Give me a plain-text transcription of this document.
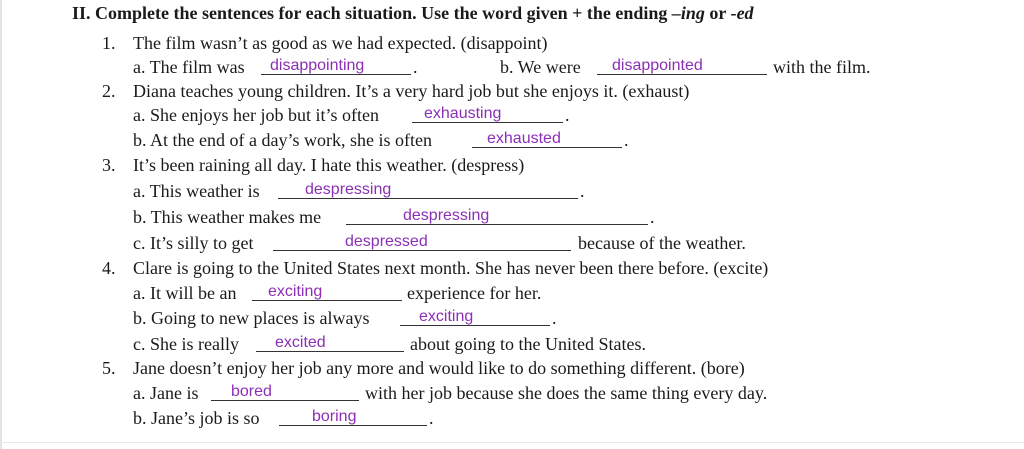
II. Complete the sentences for each situation. Use the word given + the ending –ing or -ed
1. The film wasn’t as good as we had expected. (disappoint)
a. The film was disappointing	.	b. We were disappointed	with the film.
2. Diana teaches young children. It’s a very hard job but she enjoys it. (exhaust)
a. She enjoys her job but it’s often	exhausting	.
b. At the end of a day’s work, she is often	exhausted	.
3. It’s been raining all day. I hate this weather. (despress)
a. This weather is	despressing	.
b. This weather makes me	despressing	.
c. It’s silly to get	despressed	because of the weather.
4. Clare is going to the United States next month. She has never been there before. (excite)
a. It will be an exciting	experience for her.
b. Going to new places is always	exciting	.
c. She is really excited	about going to the United States.
5. Jane doesn’t enjoy her job any more and would like to do something different. (bore)
a. Jane is bored	with her job because she does the same thing every day.
b. Jane’s job is so	boring	.
